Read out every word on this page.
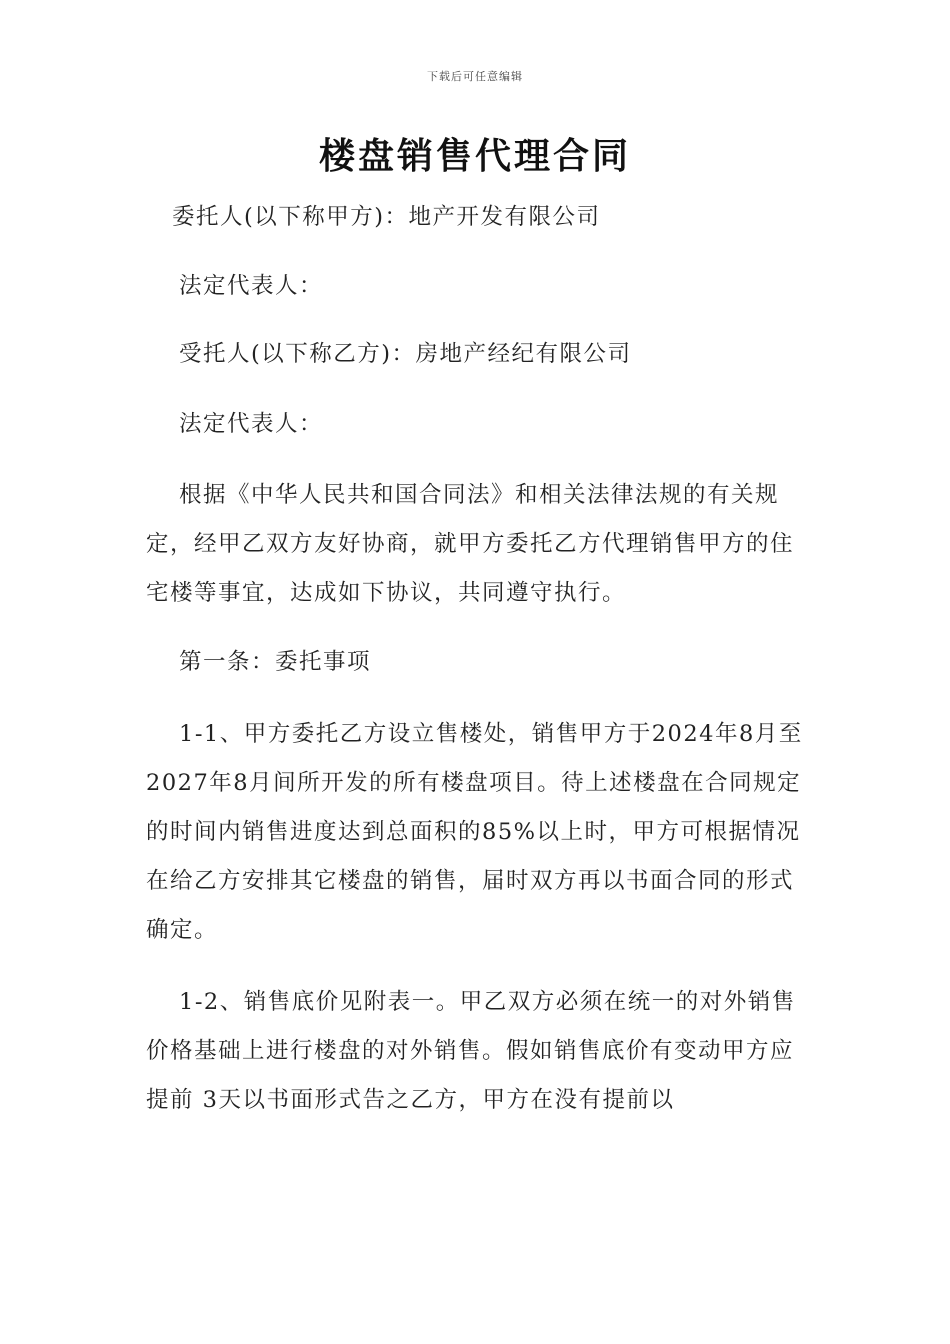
下载后可任意编辑
楼盘销售代理合同

委托人(以下称甲方)：地产开发有限公司

法定代表人：

受托人(以下称乙方)：房地产经纪有限公司

法定代表人：

根据《中华人民共和国合同法》和相关法律法规的有关规定，经甲乙双方友好协商，就甲方委托乙方代理销售甲方的住宅楼等事宜，达成如下协议，共同遵守执行。

第一条：委托事项

1-1、甲方委托乙方设立售楼处，销售甲方于2024年8月至2027年8月间所开发的所有楼盘项目。待上述楼盘在合同规定的时间内销售进度达到总面积的85%以上时，甲方可根据情况在给乙方安排其它楼盘的销售，届时双方再以书面合同的形式确定。

1-2、销售底价见附表一。甲乙双方必须在统一的对外销售价格基础上进行楼盘的对外销售。假如销售底价有变动甲方应提前 3天以书面形式告之乙方，甲方在没有提前以
